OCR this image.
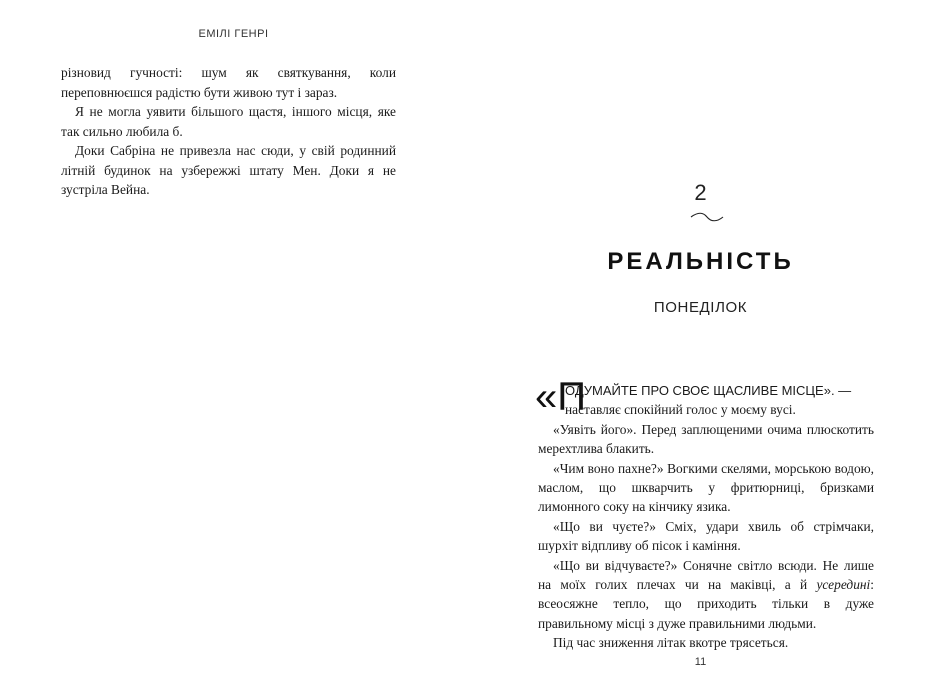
ЕМІЛІ ГЕНРІ

різновид гучності: шум як святкування, коли переповнюєшся радістю бути живою тут і зараз.

Я не могла уявити більшого щастя, іншого місця, яке так сильно любила б.

Доки Сабріна не привезла нас сюди, у свій родинний літній будинок на узбережжі штату Мен. Доки я не зустріла Вейна.	2
РЕАЛЬНІСТЬ
ПОНЕДІЛОК
«П
ОДУМАЙТЕ ПРО СВОЄ ЩАСЛИВЕ МІСЦЕ». —

наставляє спокійний голос у моєму вусі.

«Уявіть його». Перед заплющеними очима плюскотить мерехтлива блакить.

«Чим воно пахне?» Вогкими скелями, морською водою, маслом, що шкварчить у фритюрниці, бризками лимонного соку на кінчику язика.

«Що ви чуєте?» Сміх, удари хвиль об стрімчаки, шурхіт відпливу об пісок і каміння.

«Що ви відчуваєте?» Сонячне світло всюди. Не лише на моїх голих плечах чи на маківці, а й усередині: всеосяжне тепло, що приходить тільки в дуже правильному місці з дуже правильними людьми.

Під час зниження літак вкотре трясеться.

11
